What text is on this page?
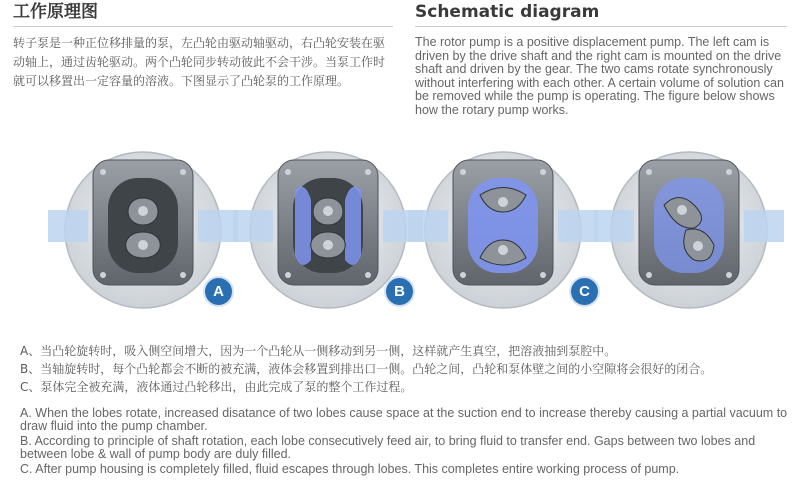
工作原理图
转子泵是一种正位移排量的泵，左凸轮由驱动轴驱动，右凸轮安装在驱动轴上，通过齿轮驱动。两个凸轮同步转动彼此不会干涉。当泵工作时就可以移置出一定容量的溶液。下图显示了凸轮泵的工作原理。
Schematic diagram
The rotor pump is a positive displacement pump. The left cam is driven by the drive shaft and the right cam is mounted on the drive shaft and driven by the gear. The two cams rotate synchronously without interfering with each other. A certain volume of solution can be removed while the pump is operating. The figure below shows how the rotary pump works.
A	B	C
A、当凸轮旋转时，吸入侧空间增大，因为一个凸轮从一侧移动到另一侧，这样就产生真空，把溶液抽到泵腔中。
B、当轴旋转时，每个凸轮都会不断的被充满，液体会移置到排出口一侧。凸轮之间，凸轮和泵体壁之间的小空隙将会很好的闭合。
C、泵体完全被充满，液体通过凸轮移出，由此完成了泵的整个工作过程。
A. When the lobes rotate, increased disatance of two lobes cause space at the suction end to increase thereby causing a partial vacuum to draw fluid into the pump chamber.
B. According to principle of shaft rotation, each lobe consecutively feed air, to bring fluid to transfer end. Gaps between two lobes and between lobe & wall of pump body are duly filled.
C. After pump housing is completely filled, fluid escapes through lobes. This completes entire working process of pump.
